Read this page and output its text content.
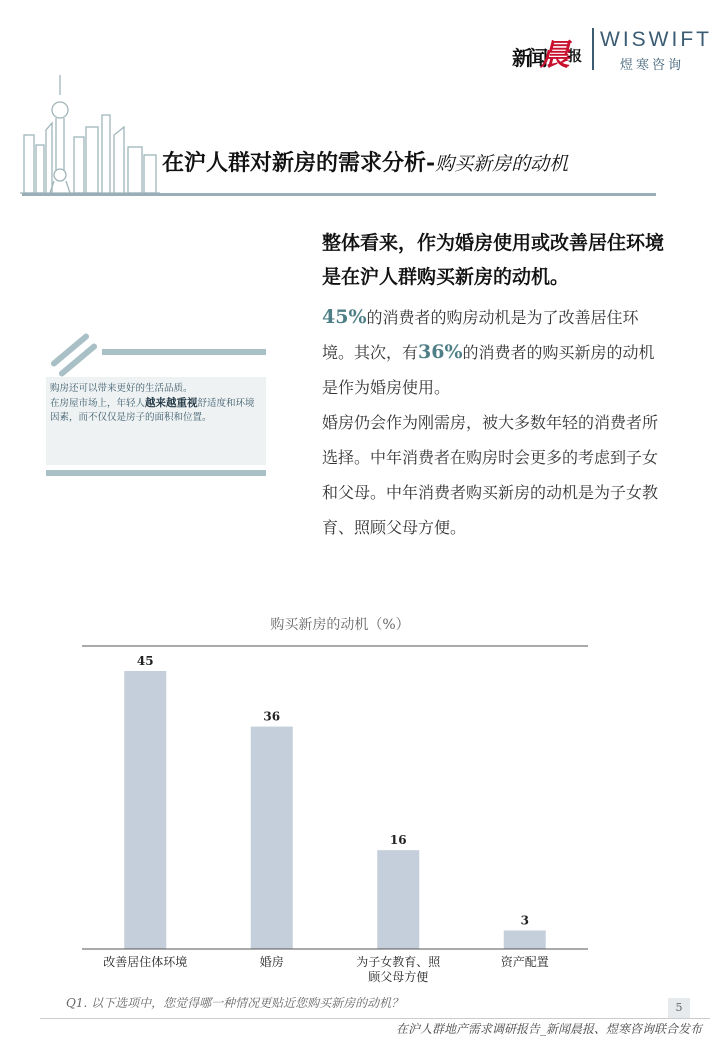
新闻
晨
报
WISWIFT
煜寒咨询
在沪人群对新房的需求分析-购买新房的动机
购房还可以带来更好的生活品质。
在房屋市场上，年轻人越来越重视舒适度和环境因素，而不仅仅是房子的面积和位置。
整体看来，作为婚房使用或改善居住环境是在沪人群购买新房的动机。

45%的消费者的购房动机是为了改善居住环境。其次，有36%的消费者的购买新房的动机是作为婚房使用。

婚房仍会作为刚需房，被大多数年轻的消费者所选择。中年消费者在购房时会更多的考虑到子女和父母。中年消费者购买新房的动机是为子女教育、照顾父母方便。

购买新房的动机（%）
45
改善居住体环境
36
婚房
16
为子女教育、照
顾父母方便
3
资产配置
Q1. 以下选项中，您觉得哪一种情况更贴近您购买新房的动机？	5
在沪人群地产需求调研报告_新闻晨报、煜寒咨询联合发布
